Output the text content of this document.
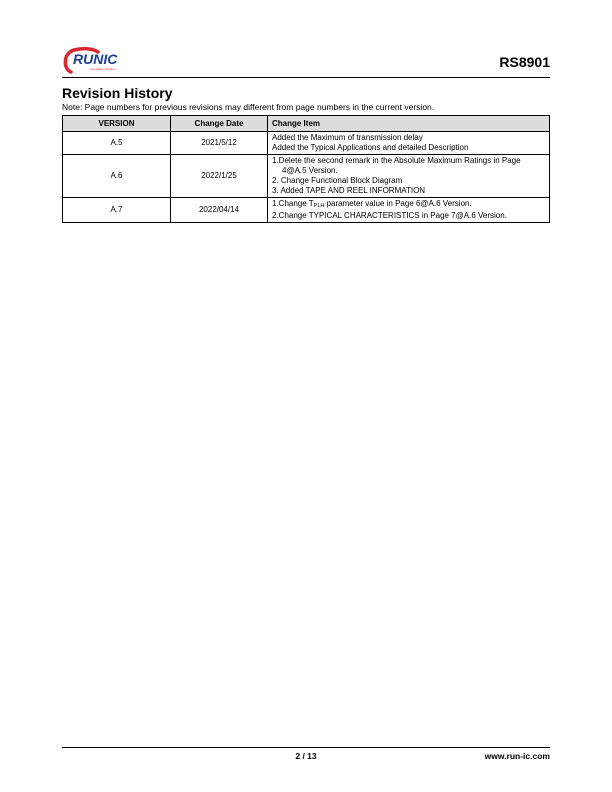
RUNIC
Innovation Runtime	RS8901
Revision History

Note: Page numbers for previous revisions may different from page numbers in the current version.

VERSION	Change Date	Change Item
A.5	2021/5/12	Added the Maximum of transmission delay
Added the Typical Applications and detailed Description

A.6	2022/1/25	1.Delete the second remark in the Absolute Maximum Ratings in Page
4@A.5 Version.
2. Change Functional Block Diagram
3. Added TAPE AND REEL INFORMATION

A.7	2022/04/14	1.Change $T_{PLH}$ parameter value in Page 6@A.6 Version.
2.Change TYPICAL CHARACTERISTICS in Page 7@A.6 Version.
2 / 13	www.run-ic.com
